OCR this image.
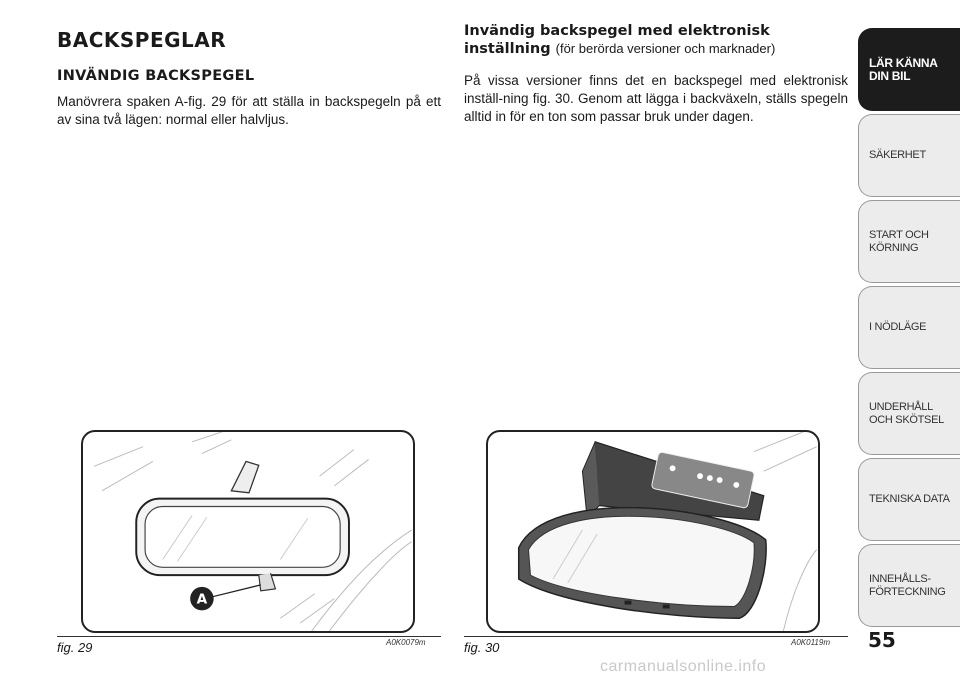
BACKSPEGLAR
INVÄNDIG BACKSPEGEL

Manövrera spaken A-fig. 29 för att ställa in backspegeln på ett av sina två lägen: normal eller halvljus.

Invändig backspegel med elektronisk inställning (för berörda versioner och marknader)

På vissa versioner finns det en backspegel med elektronisk inställ-ning fig. 30. Genom att lägga i backväxeln, ställs spegeln alltid in för en ton som passar bruk under dagen.

A
fig. 29	A0K0079m	fig. 30	A0K0119m 55
LÄR KÄNNA
DIN BIL
SÄKERHET
START OCH
KÖRNING
I NÖDLÄGE
UNDERHÅLL
OCH SKÖTSEL
TEKNISKA DATA
INNEHÅLLS-
FÖRTECKNING
carmanualsonline.info
